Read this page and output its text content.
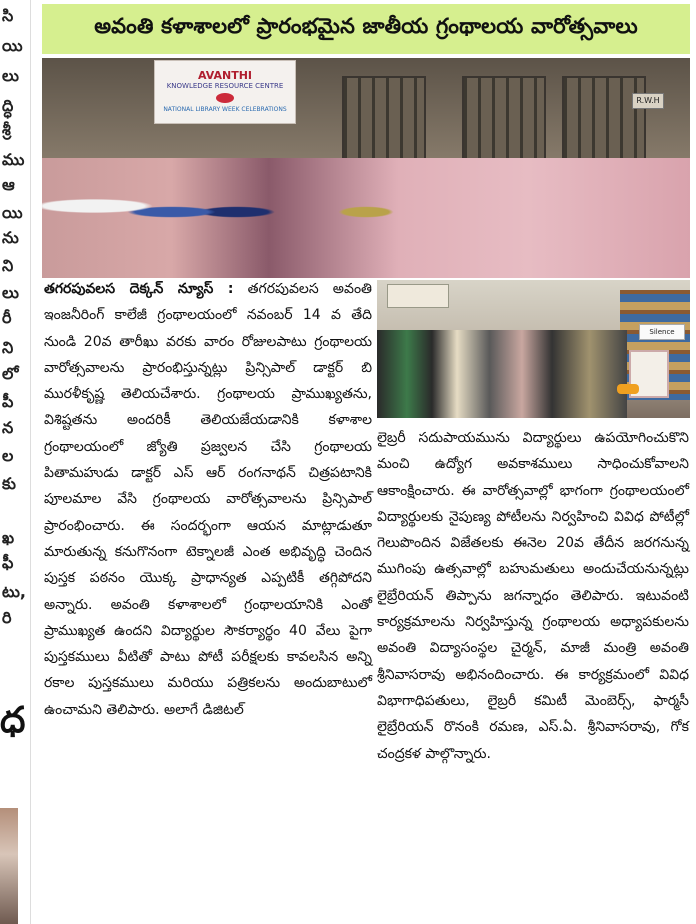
సి
యి
లు
ద్ధి
శ్రీ
ము
ఆ
యి
ను
ని
లు
రీ
ని
లో
పీ
న
ల
కు
ఖ
ఫీ
టు,
రి
ధ
అవంతి కళాశాలలో ప్రారంభమైన జాతీయ గ్రంథాలయ వారోత్సవాలు
AVANTHI
KNOWLEDGE RESOURCE CENTRE
NATIONAL LIBRARY WEEK CELEBRATIONS
R.W.H
Silence

తగరపువలస దెక్కన్ న్యూస్ : తగరపువలస అవంతి ఇంజనీరింగ్ కాలేజీ గ్రంథాలయంలో నవంబర్ 14 వ తేది నుండి 20వ తారీఖు వరకు వారం రోజులపాటు గ్రంథాలయ వారోత్సవాలను ప్రారంభిస్తున్నట్లు ప్రిన్సిపాల్ డాక్టర్ బి మురళీకృష్ణ తెలియచేశారు. గ్రంథాలయ ప్రాముఖ్యతను, విశిష్టతను అందరికీ తెలియజేయడానికి కళాశాల గ్రంథాలయంలో జ్యోతి ప్రజ్వలన చేసి గ్రంథాలయ పితామహుడు డాక్టర్ ఎస్ ఆర్ రంగనాథన్ చిత్రపటానికి పూలమాల వేసి గ్రంథాలయ వారోత్సవాలను ప్రిన్సిపాల్ ప్రారంభించారు. ఈ సందర్భంగా ఆయన మాట్లాడుతూ మారుతున్న కనుగొనంగా టెక్నాలజీ ఎంత అభివృద్ధి చెందిన పుస్తక పఠనం యొక్క ప్రాధాన్యత ఎప్పటికీ తగ్గిపోదని అన్నారు. అవంతి కళాశాలలో గ్రంథాలయానికి ఎంతో ప్రాముఖ్యత ఉందని విద్యార్థుల సౌకర్యార్థం 40 వేలు పైగా పుస్తకములు వీటితో పాటు పోటీ పరీక్షలకు కావలసిన అన్ని రకాల పుస్తకములు మరియు పత్రికలను అందుబాటులో ఉంచామని తెలిపారు. అలాగే డిజిటల్

లైబ్రరీ సదుపాయమును విద్యార్థులు ఉపయోగించుకొని మంచి ఉద్యోగ అవకాశములు సాధించుకోవాలని ఆకాంక్షించారు. ఈ వారోత్సవాల్లో భాగంగా గ్రంథాలయంలో విద్యార్థులకు నైపుణ్య పోటీలను నిర్వహించి వివిధ పోటీల్లో గెలుపొందిన విజేతలకు ఈనెల 20వ తేదీన జరగనున్న ముగింపు ఉత్సవాల్లో బహుమతులు అందుచేయనున్నట్లు లైబ్రేరియన్ తిప్పాను జగన్నాధం తెలిపారు. ఇటువంటి కార్యక్రమాలను నిర్వహిస్తున్న గ్రంథాలయ అధ్యాపకులను అవంతి విద్యాసంస్థల చైర్మన్, మాజీ మంత్రి అవంతి శ్రీనివాసరావు అభినందించారు. ఈ కార్యక్రమంలో వివిధ విభాగాధిపతులు, లైబ్రరీ కమిటీ మెంబెర్స్, ఫార్మసీ లైబ్రేరియన్ రొనంకి రమణ, ఎస్.ఏ. శ్రీనివాసరావు, గోక చంద్రకళ పాల్గొన్నారు.
